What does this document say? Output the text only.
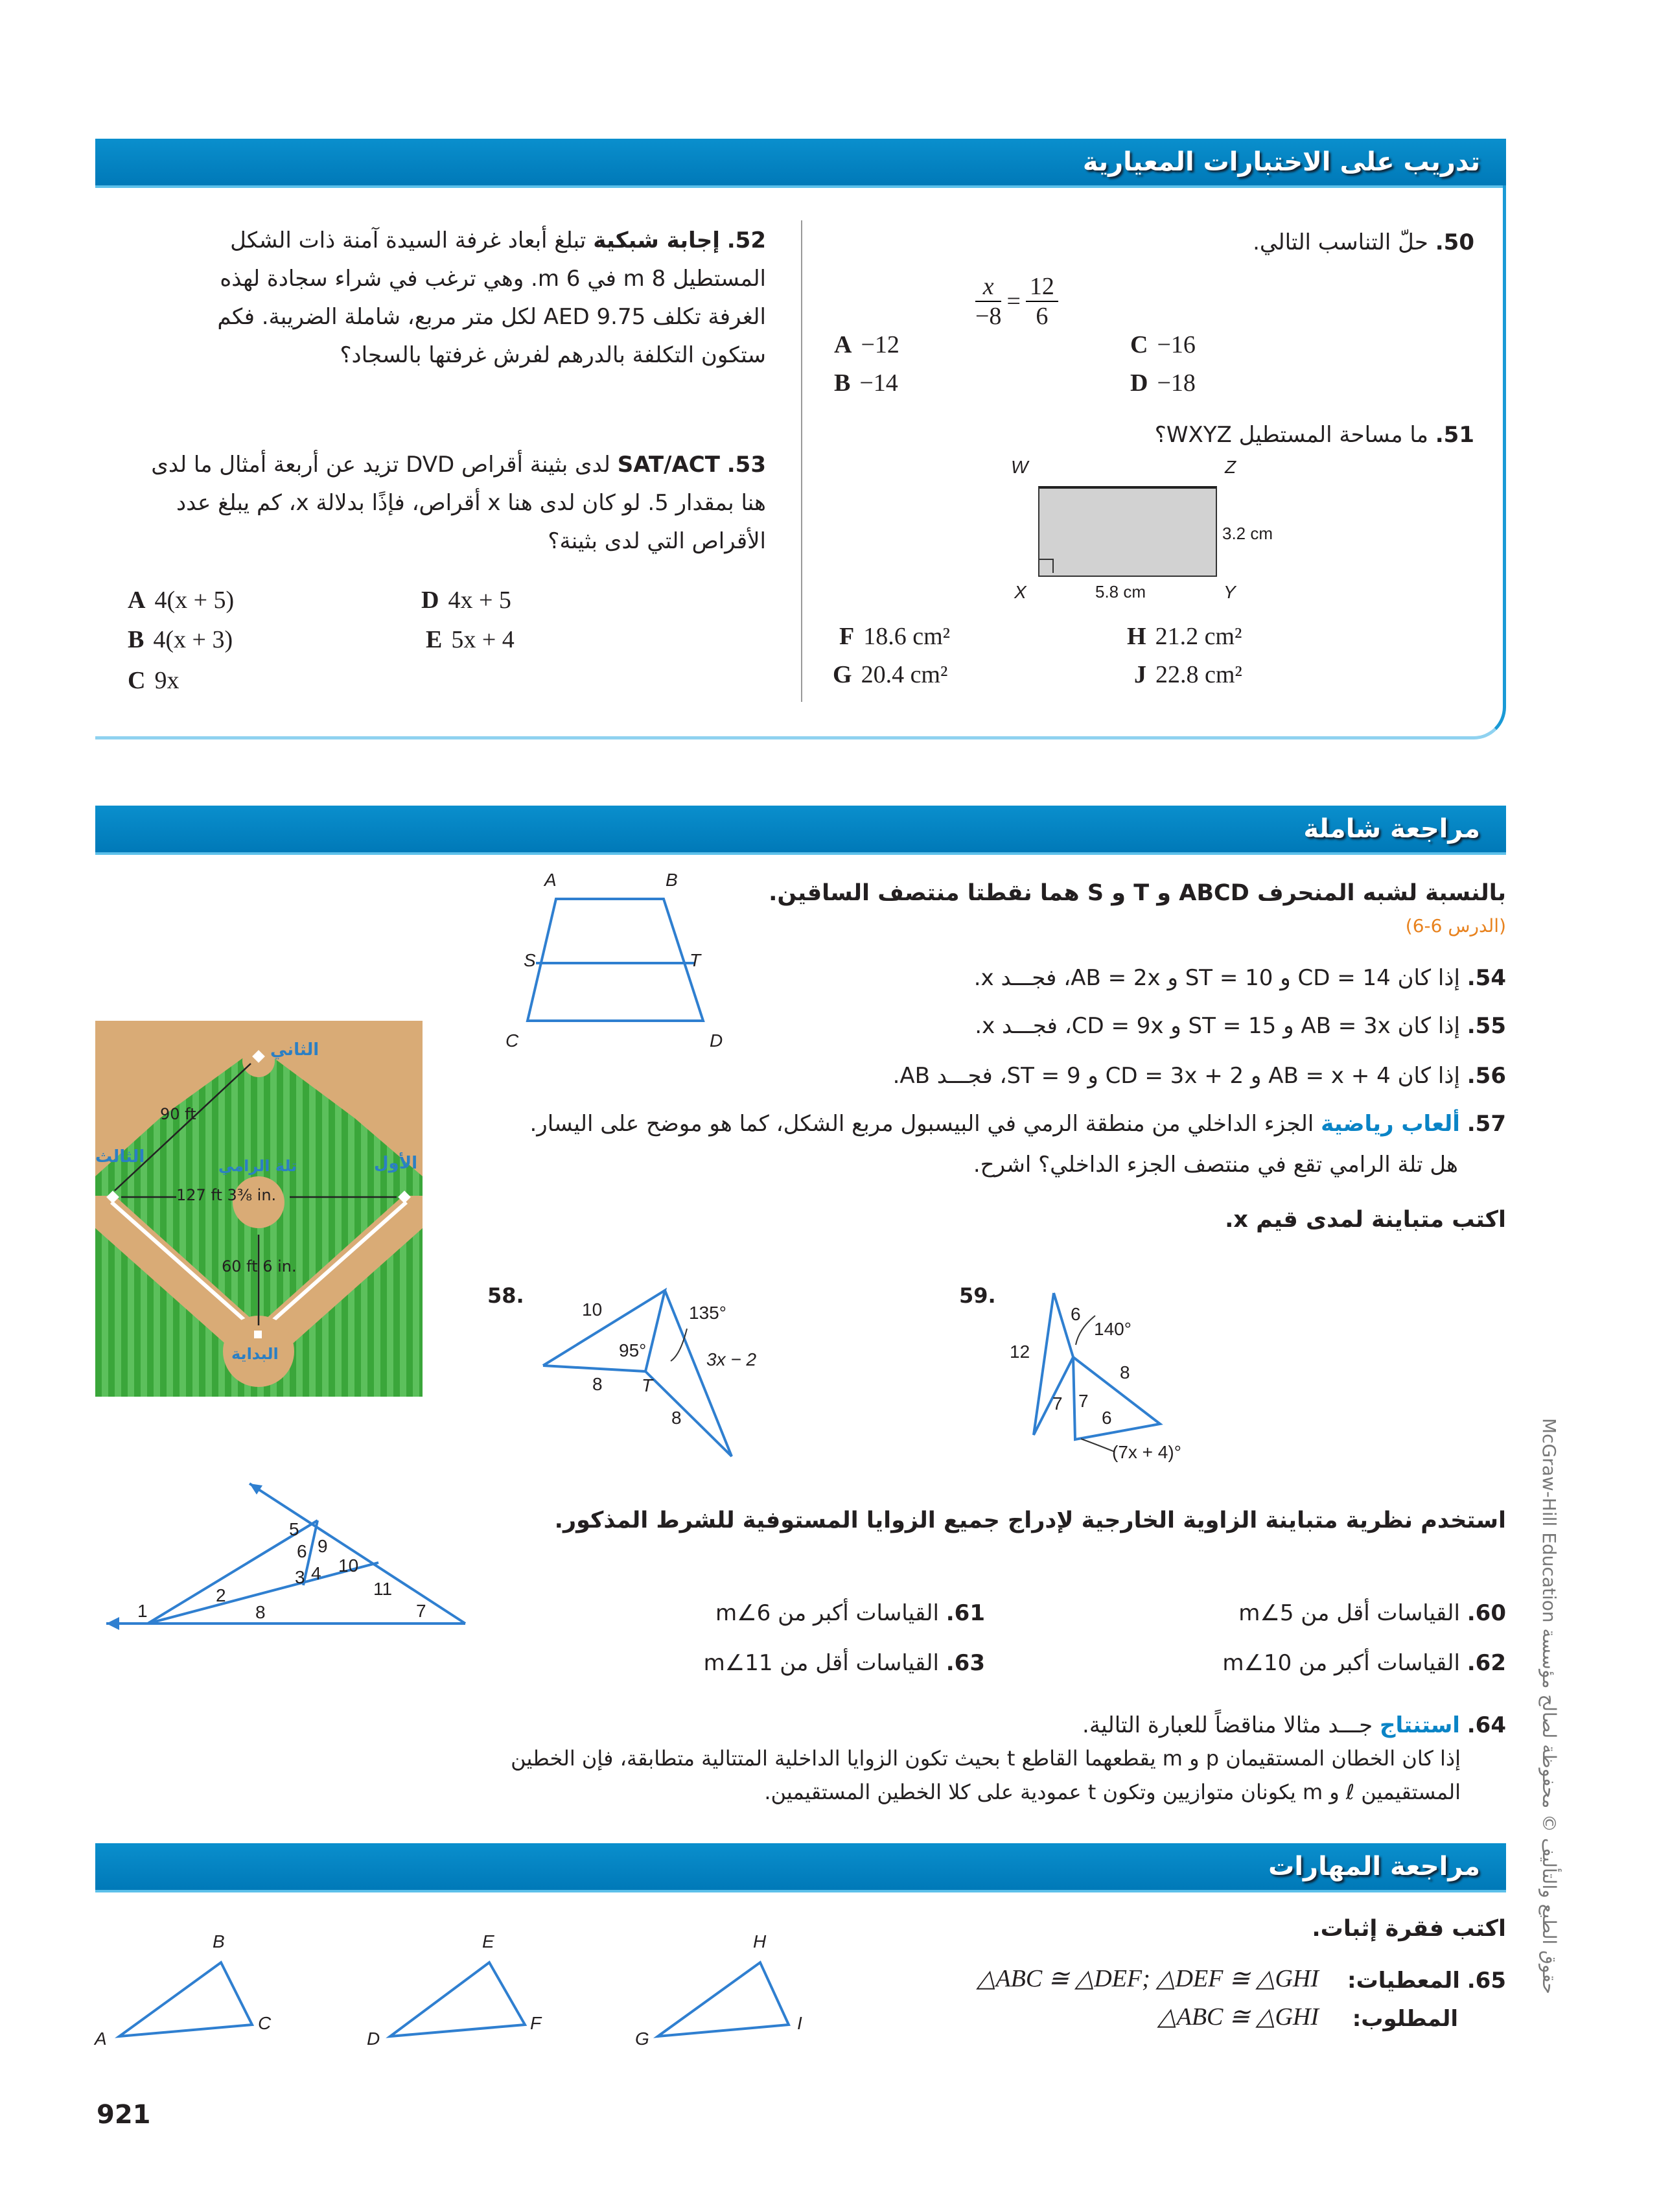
تدريب على الاختبارات المعيارية
50. حلّ التناسب التالي.
$\frac{x}{-8} = \frac{12}{6}$
A −12
B −14
C −16
D −18
51. ما مساحة المستطيل WXYZ؟
W	Z
X	Y
5.8 cm
3.2 cm
F 18.6 cm²
G 20.4 cm²
H 21.2 cm²
J 22.8 cm²
52. إجابة شبكية تبلغ أبعاد غرفة السيدة آمنة ذات الشكل المستطيل 8 m في 6 m. وهي ترغب في شراء سجادة لهذه الغرفة تكلف AED 9.75 لكل متر مربع، شاملة الضريبة. فكم ستكون التكلفة بالدرهم لفرش غرفتها بالسجاد؟
53. SAT/ACT لدى بثينة أقراص DVD تزيد عن أربعة أمثال ما لدى هنا بمقدار 5. لو كان لدى هنا x أقراص، فإذًا بدلالة x، كم يبلغ عدد الأقراص التي لدى بثينة؟
A 4(x + 5)
B 4(x + 3)
C 9x
D 4x + 5
E 5x + 4
مراجعة شاملة
A	B
C	D
S	T
بالنسبة لشبه المنحرف ABCD و T و S هما نقطتا منتصف الساقين.
(الدرس 6-6)
54. إذا كان CD = 14 و ST = 10 و AB = 2x، فجـــد x.
55. إذا كان AB = 3x و ST = 15 و CD = 9x، فجـــد x.
56. إذا كان AB = x + 4 و CD = 3x + 2 و ST = 9، فجـــد AB.
57. ألعاب رياضية الجزء الداخلي من منطقة الرمي في البيسبول مربع الشكل، كما هو موضح على اليسار.
هل تلة الرامي تقع في منتصف الجزء الداخلي؟ اشرح.
90 ft
127 ft 3⅜ in.
60 ft 6 in.
الثاني
الثالث	الأول
تلة الرامي
البداية
اكتب متباينة لمدى قيم x.
58.	59.
10
95°
135°
3x − 2
8 T
8
6
140°
12
8
7 7
6
(7x + 4)°
استخدم نظرية متباينة الزاوية الخارجية لإدراج جميع الزوايا المستوفية للشرط المذكور.
1
2
3 4
5
6
7
8
9
10
11
60. القياسات أقل من m∠5
61. القياسات أكبر من m∠6
62. القياسات أكبر من m∠10
63. القياسات أقل من m∠11
64. استنتاج جـــد مثالا مناقضاً للعبارة التالية.
إذا كان الخطان المستقيمان p و m يقطعهما القاطع t بحيث تكون الزوايا الداخلية المتتالية متطابقة، فإن الخطين
المستقيمين ℓ و m يكونان متوازيين وتكون t عمودية على كلا الخطين المستقيمين.
مراجعة المهارات
اكتب فقرة إثبات.
65. المعطيات:
△ABC ≅ △DEF; △DEF ≅ △GHI
المطلوب:
△ABC ≅ △GHI
A
B
C
D
E
F
G
H
I
921
حقوق الطبع والتأليف © محفوظة لصالح مؤسسة McGraw-Hill Education
